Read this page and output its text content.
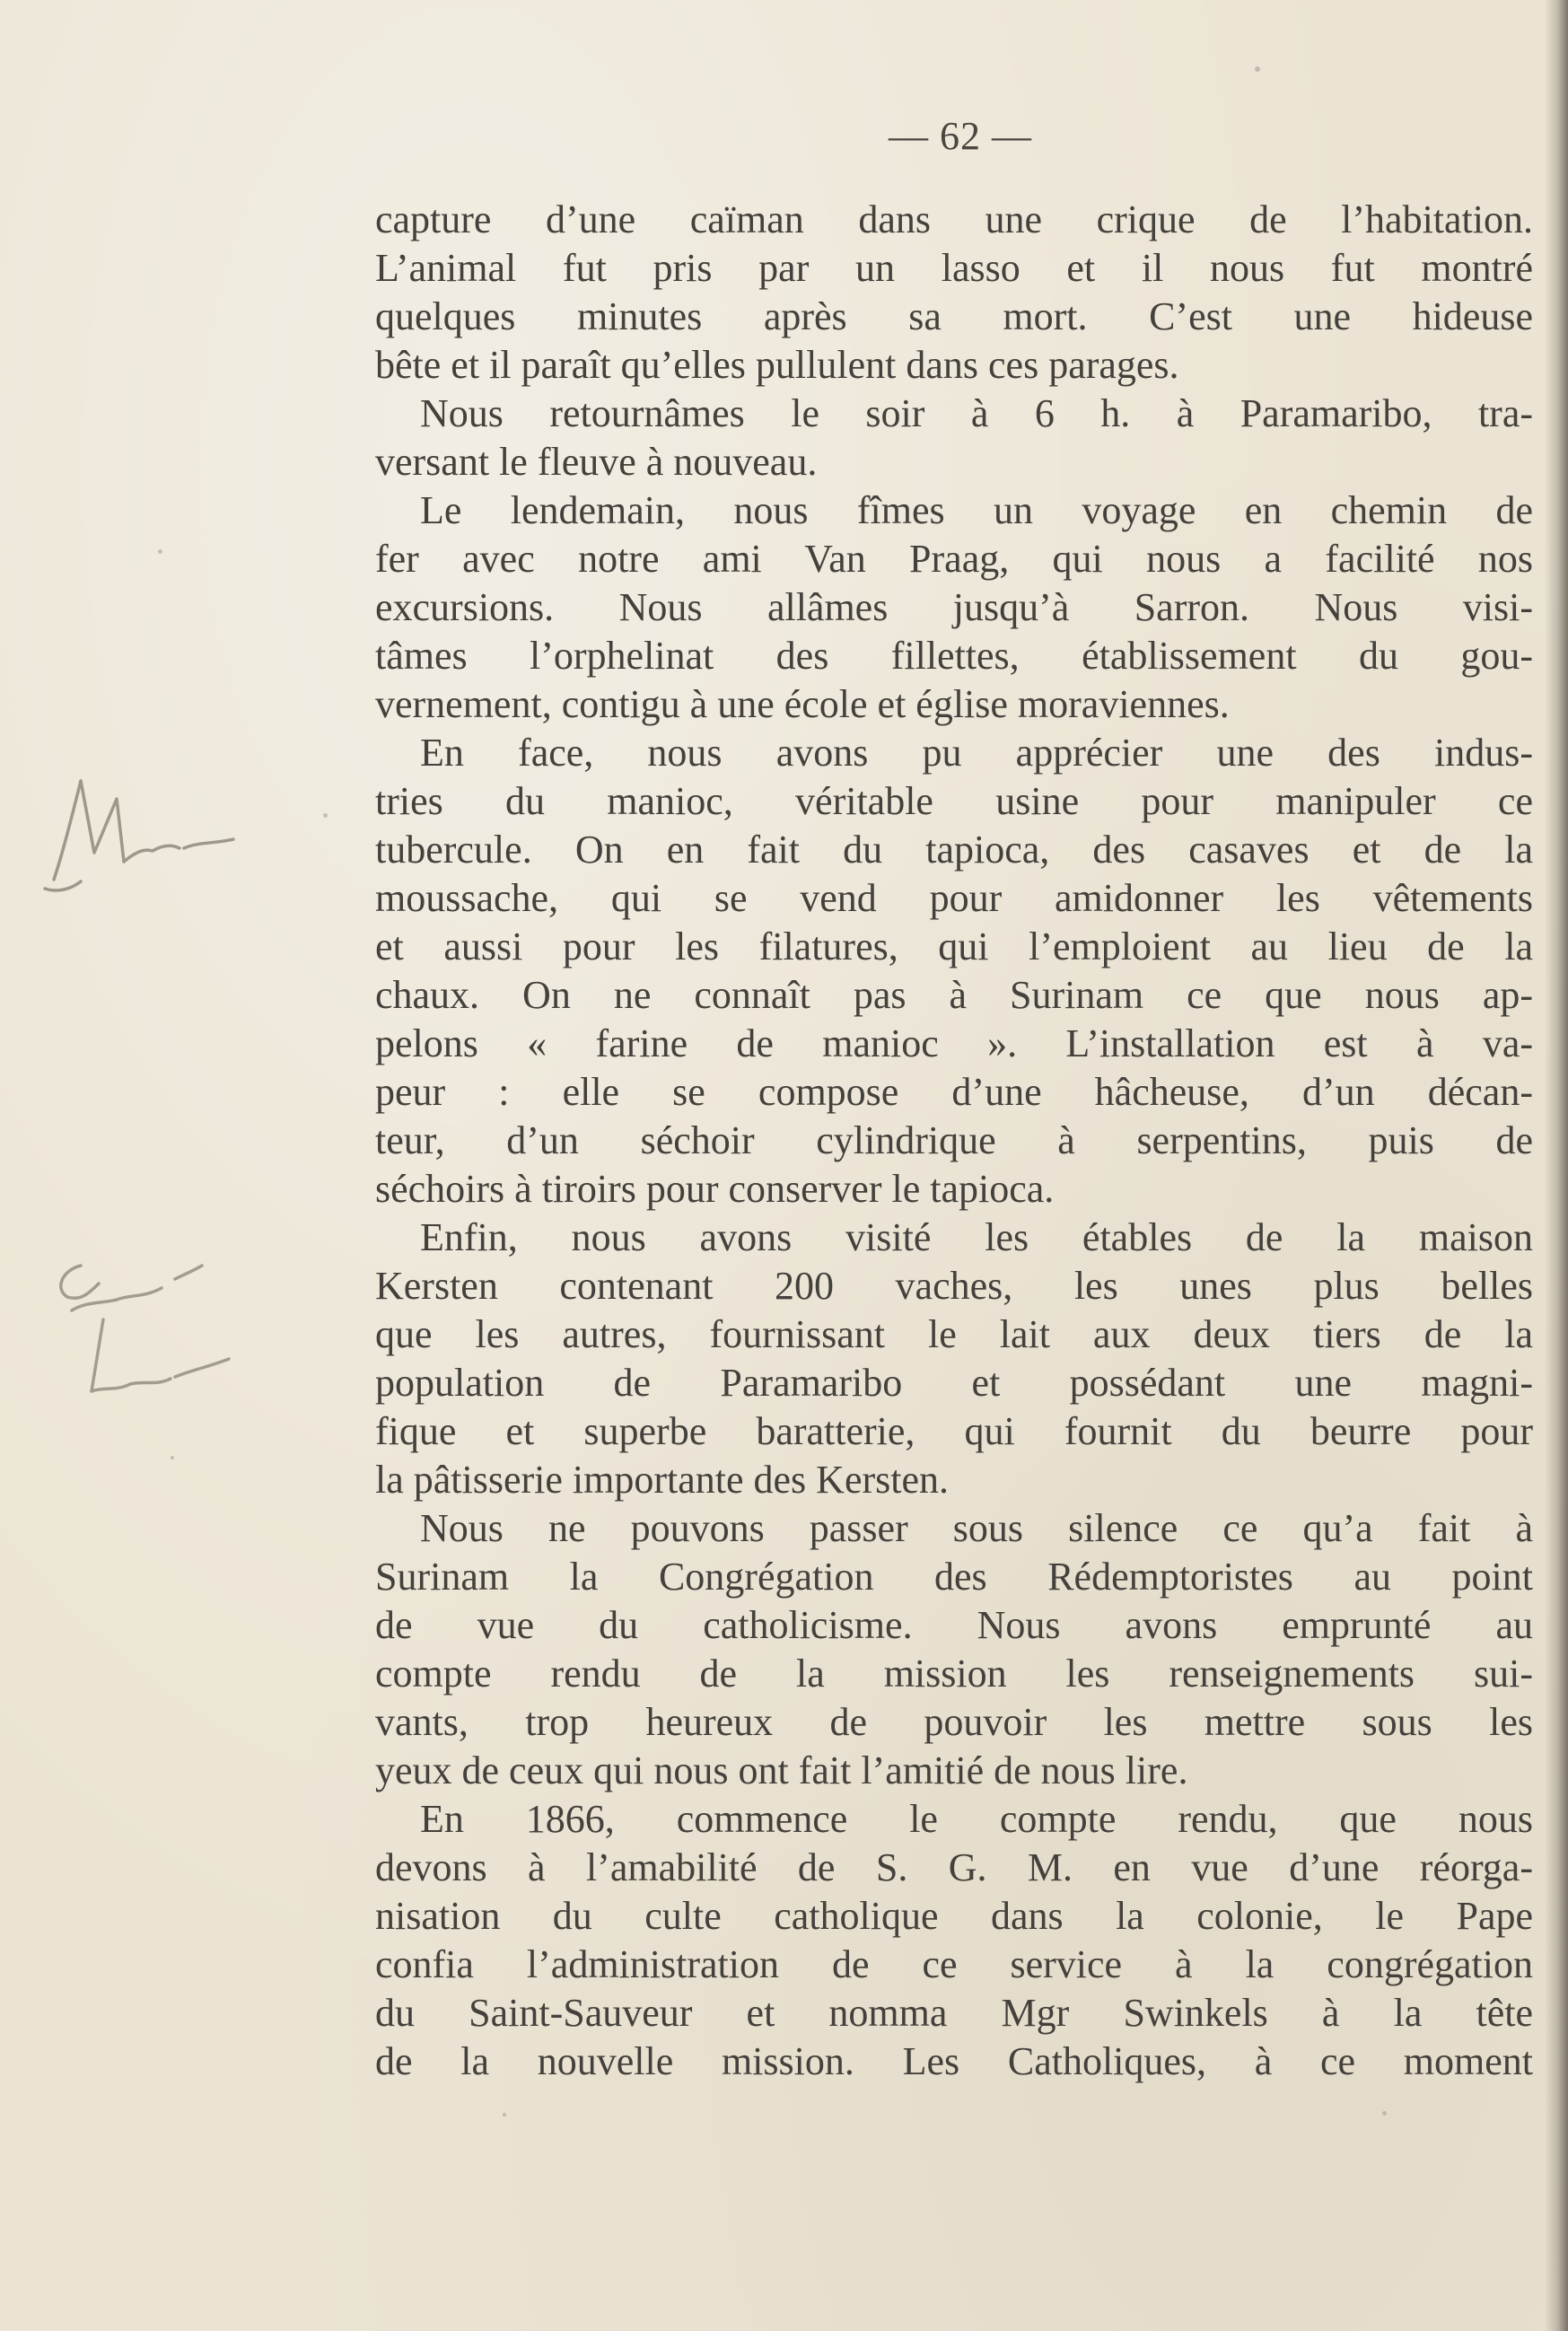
— 62 —
capture d’une caïman dans une crique de l’habitation.
L’animal fut pris par un lasso et il nous fut montré
quelques minutes après sa mort. C’est une hideuse
bête et il paraît qu’elles pullulent dans ces parages.
Nous retournâmes le soir à 6 h. à Paramaribo, tra-
versant le fleuve à nouveau.
Le lendemain, nous fîmes un voyage en chemin de
fer avec notre ami Van Praag, qui nous a facilité nos
excursions. Nous allâmes jusqu’à Sarron. Nous visi-
tâmes l’orphelinat des fillettes, établissement du gou-
vernement, contigu à une école et église moraviennes.
En face, nous avons pu apprécier une des indus-
tries du manioc, véritable usine pour manipuler ce
tubercule. On en fait du tapioca, des casaves et de la
moussache, qui se vend pour amidonner les vêtements
et aussi pour les filatures, qui l’emploient au lieu de la
chaux. On ne connaît pas à Surinam ce que nous ap-
pelons « farine de manioc ». L’installation est à va-
peur : elle se compose d’une hâcheuse, d’un décan-
teur, d’un séchoir cylindrique à serpentins, puis de
séchoirs à tiroirs pour conserver le tapioca.
Enfin, nous avons visité les étables de la maison
Kersten contenant 200 vaches, les unes plus belles
que les autres, fournissant le lait aux deux tiers de la
population de Paramaribo et possédant une magni-
fique et superbe baratterie, qui fournit du beurre pour
la pâtisserie importante des Kersten.
Nous ne pouvons passer sous silence ce qu’a fait à
Surinam la Congrégation des Rédemptoristes au point
de vue du catholicisme. Nous avons emprunté au
compte rendu de la mission les renseignements sui-
vants, trop heureux de pouvoir les mettre sous les
yeux de ceux qui nous ont fait l’amitié de nous lire.
En 1866, commence le compte rendu, que nous
devons à l’amabilité de S. G. M. en vue d’une réorga-
nisation du culte catholique dans la colonie, le Pape
confia l’administration de ce service à la congrégation
du Saint-Sauveur et nomma Mgr Swinkels à la tête
de la nouvelle mission. Les Catholiques, à ce moment
